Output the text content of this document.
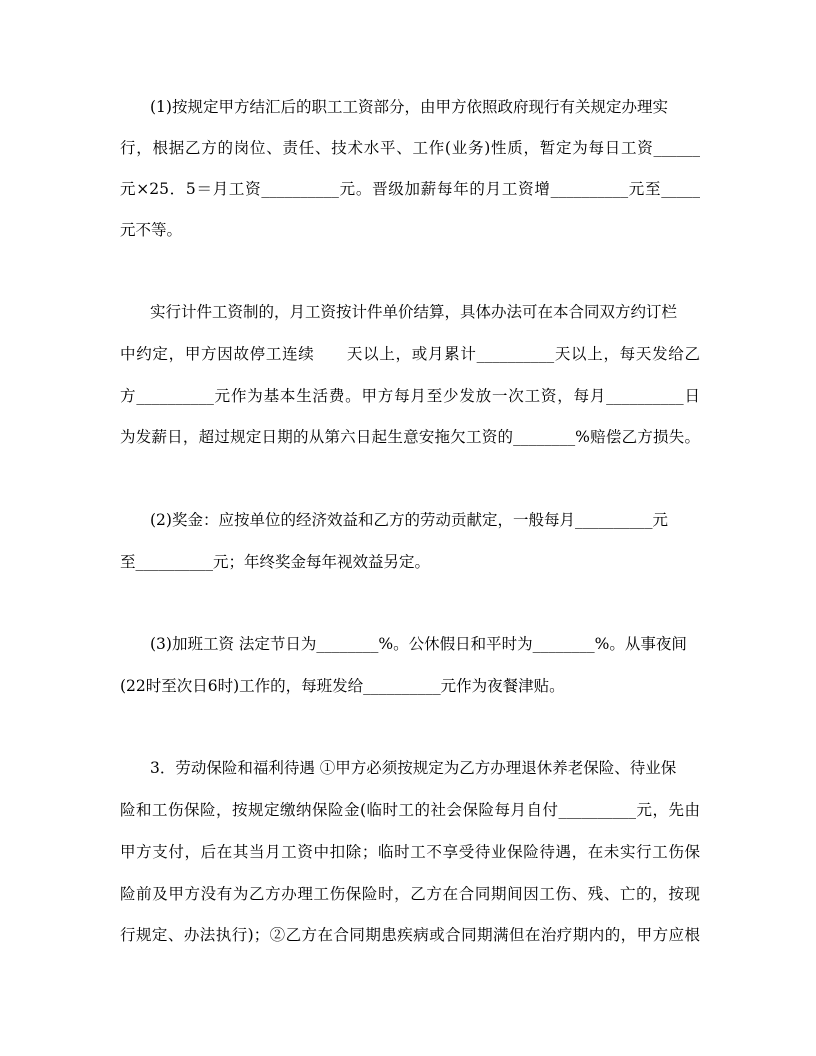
(1)按规定甲方结汇后的职工工资部分，由甲方依照政府现行有关规定办理实
行，根据乙方的岗位、责任、技术水平、工作(业务)性质，暂定为每日工资______
元×25．5＝月工资__________元。晋级加薪每年的月工资增__________元至_____
元不等。
实行计件工资制的，月工资按计件单价结算，具体办法可在本合同双方约订栏
中约定，甲方因故停工连续　　天以上，或月累计__________天以上，每天发给乙
方__________元作为基本生活费。甲方每月至少发放一次工资，每月__________日
为发薪日，超过规定日期的从第六日起生意安拖欠工资的________%赔偿乙方损失。
(2)奖金：应按单位的经济效益和乙方的劳动贡献定，一般每月__________元
至__________元；年终奖金每年视效益另定。
(3)加班工资 法定节日为________%。公休假日和平时为________%。从事夜间
(22时至次日6时)工作的，每班发给__________元作为夜餐津贴。
3．劳动保险和福利待遇 ①甲方必须按规定为乙方办理退休养老保险、待业保
险和工伤保险，按规定缴纳保险金(临时工的社会保险每月自付__________元，先由
甲方支付，后在其当月工资中扣除；临时工不享受待业保险待遇，在未实行工伤保
险前及甲方没有为乙方办理工伤保险时，乙方在合同期间因工伤、残、亡的，按现
行规定、办法执行)；②乙方在合同期患疾病或合同期满但在治疗期内的，甲方应根
